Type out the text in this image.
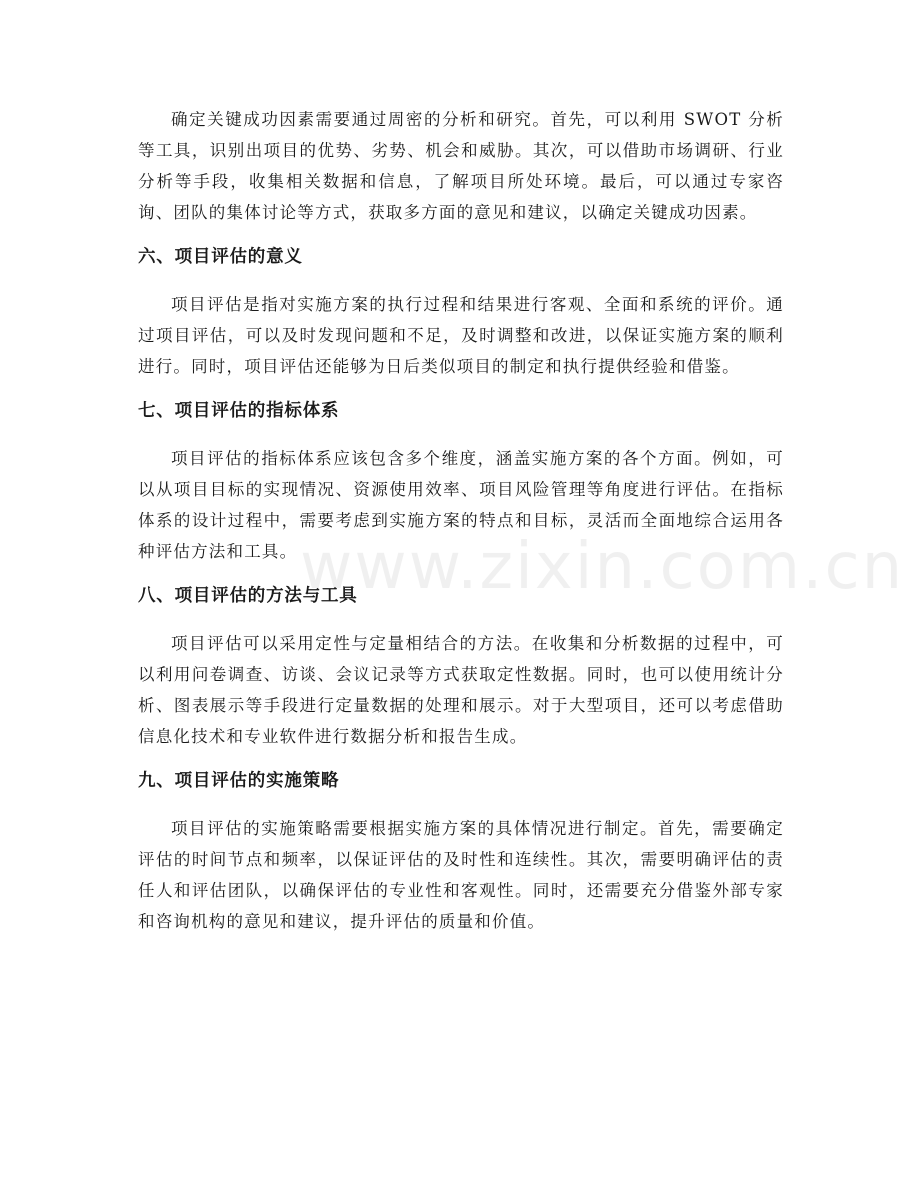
www.zixin.com.cn

确定关键成功因素需要通过周密的分析和研究。首先，可以利用 SWOT 分析等工具，识别出项目的优势、劣势、机会和威胁。其次，可以借助市场调研、行业分析等手段，收集相关数据和信息，了解项目所处环境。最后，可以通过专家咨询、团队的集体讨论等方式，获取多方面的意见和建议，以确定关键成功因素。

六、项目评估的意义

项目评估是指对实施方案的执行过程和结果进行客观、全面和系统的评价。通过项目评估，可以及时发现问题和不足，及时调整和改进，以保证实施方案的顺利进行。同时，项目评估还能够为日后类似项目的制定和执行提供经验和借鉴。

七、项目评估的指标体系

项目评估的指标体系应该包含多个维度，涵盖实施方案的各个方面。例如，可以从项目目标的实现情况、资源使用效率、项目风险管理等角度进行评估。在指标体系的设计过程中，需要考虑到实施方案的特点和目标，灵活而全面地综合运用各种评估方法和工具。

八、项目评估的方法与工具

项目评估可以采用定性与定量相结合的方法。在收集和分析数据的过程中，可以利用问卷调查、访谈、会议记录等方式获取定性数据。同时，也可以使用统计分析、图表展示等手段进行定量数据的处理和展示。对于大型项目，还可以考虑借助信息化技术和专业软件进行数据分析和报告生成。

九、项目评估的实施策略

项目评估的实施策略需要根据实施方案的具体情况进行制定。首先，需要确定评估的时间节点和频率，以保证评估的及时性和连续性。其次，需要明确评估的责任人和评估团队，以确保评估的专业性和客观性。同时，还需要充分借鉴外部专家和咨询机构的意见和建议，提升评估的质量和价值。
